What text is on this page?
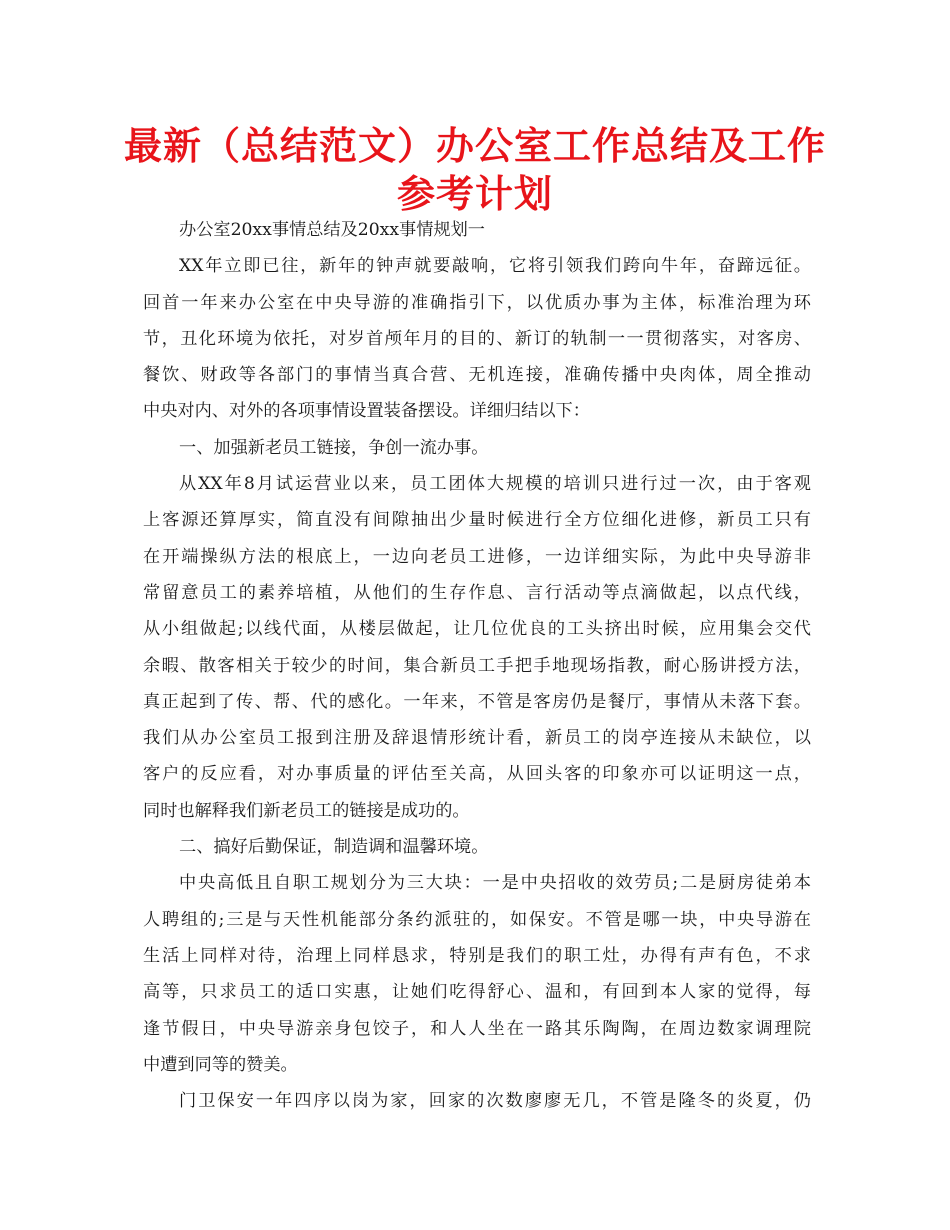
最新（总结范文）办公室工作总结及工作
参考计划
办公室20xx事情总结及20xx事情规划一
XX年立即已往，新年的钟声就要敲响，它将引领我们跨向牛年，奋蹄远征。
回首一年来办公室在中央导游的准确指引下，以优质办事为主体，标准治理为环
节，丑化环境为依托，对岁首颅年月的目的、新订的轨制一一贯彻落实，对客房、
餐饮、财政等各部门的事情当真合营、无机连接，准确传播中央肉体，周全推动
中央对内、对外的各项事情设置装备摆设。详细归结以下：
一、加强新老员工链接，争创一流办事。
从XX年8月试运营业以来，员工团体大规模的培训只进行过一次，由于客观
上客源还算厚实，简直没有间隙抽出少量时候进行全方位细化进修，新员工只有
在开端操纵方法的根底上，一边向老员工进修，一边详细实际，为此中央导游非
常留意员工的素养培植，从他们的生存作息、言行活动等点滴做起，以点代线，
从小组做起;以线代面，从楼层做起，让几位优良的工头挤出时候，应用集会交代
余暇、散客相关于较少的时间，集合新员工手把手地现场指教，耐心肠讲授方法，
真正起到了传、帮、代的感化。一年来，不管是客房仍是餐厅，事情从未落下套。
我们从办公室员工报到注册及辞退情形统计看，新员工的岗亭连接从未缺位，以
客户的反应看，对办事质量的评估至关高，从回头客的印象亦可以证明这一点，
同时也解释我们新老员工的链接是成功的。
二、搞好后勤保证，制造调和温馨环境。
中央高低且自职工规划分为三大块：一是中央招收的效劳员;二是厨房徒弟本
人聘组的;三是与天性机能部分条约派驻的，如保安。不管是哪一块，中央导游在
生活上同样对待，治理上同样恳求，特别是我们的职工灶，办得有声有色，不求
高等，只求员工的适口实惠，让她们吃得舒心、温和，有回到本人家的觉得，每
逢节假日，中央导游亲身包饺子，和人人坐在一路其乐陶陶，在周边数家调理院
中遭到同等的赞美。
门卫保安一年四序以岗为家，回家的次数廖廖无几，不管是隆冬的炎夏，仍
